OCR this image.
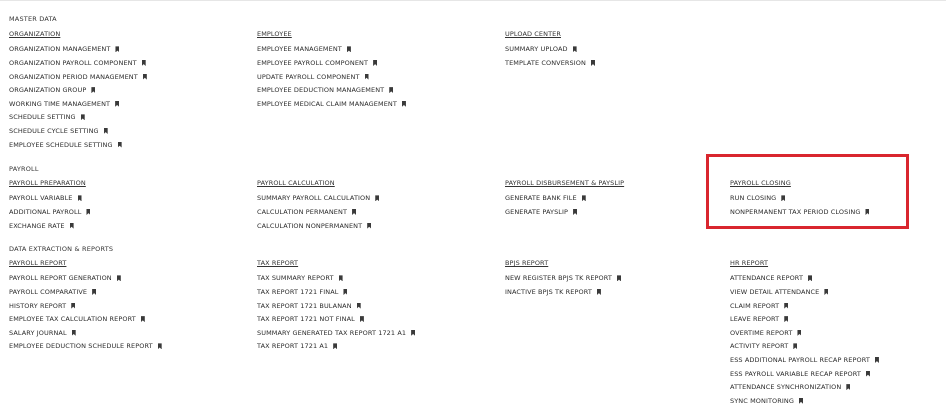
MASTER DATA
ORGANIZATION
ORGANIZATION MANAGEMENT
ORGANIZATION PAYROLL COMPONENT
ORGANIZATION PERIOD MANAGEMENT
ORGANIZATION GROUP
WORKING TIME MANAGEMENT
SCHEDULE SETTING
SCHEDULE CYCLE SETTING
EMPLOYEE SCHEDULE SETTING
EMPLOYEE
EMPLOYEE MANAGEMENT
EMPLOYEE PAYROLL COMPONENT
UPDATE PAYROLL COMPONENT
EMPLOYEE DEDUCTION MANAGEMENT
EMPLOYEE MEDICAL CLAIM MANAGEMENT
UPLOAD CENTER
SUMMARY UPLOAD
TEMPLATE CONVERSION
PAYROLL
PAYROLL PREPARATION
PAYROLL VARIABLE
ADDITIONAL PAYROLL
EXCHANGE RATE
PAYROLL CALCULATION
SUMMARY PAYROLL CALCULATION
CALCULATION PERMANENT
CALCULATION NONPERMANENT
PAYROLL DISBURSEMENT & PAYSLIP
GENERATE BANK FILE
GENERATE PAYSLIP
PAYROLL CLOSING
RUN CLOSING
NONPERMANENT TAX PERIOD CLOSING
DATA EXTRACTION & REPORTS
PAYROLL REPORT
PAYROLL REPORT GENERATION
PAYROLL COMPARATIVE
HISTORY REPORT
EMPLOYEE TAX CALCULATION REPORT
SALARY JOURNAL
EMPLOYEE DEDUCTION SCHEDULE REPORT
TAX REPORT
TAX SUMMARY REPORT
TAX REPORT 1721 FINAL
TAX REPORT 1721 BULANAN
TAX REPORT 1721 NOT FINAL
SUMMARY GENERATED TAX REPORT 1721 A1
TAX REPORT 1721 A1
BPJS REPORT
NEW REGISTER BPJS TK REPORT
INACTIVE BPJS TK REPORT
HR REPORT
ATTENDANCE REPORT
VIEW DETAIL ATTENDANCE
CLAIM REPORT
LEAVE REPORT
OVERTIME REPORT
ACTIVITY REPORT
ESS ADDITIONAL PAYROLL RECAP REPORT
ESS PAYROLL VARIABLE RECAP REPORT
ATTENDANCE SYNCHRONIZATION
SYNC MONITORING
